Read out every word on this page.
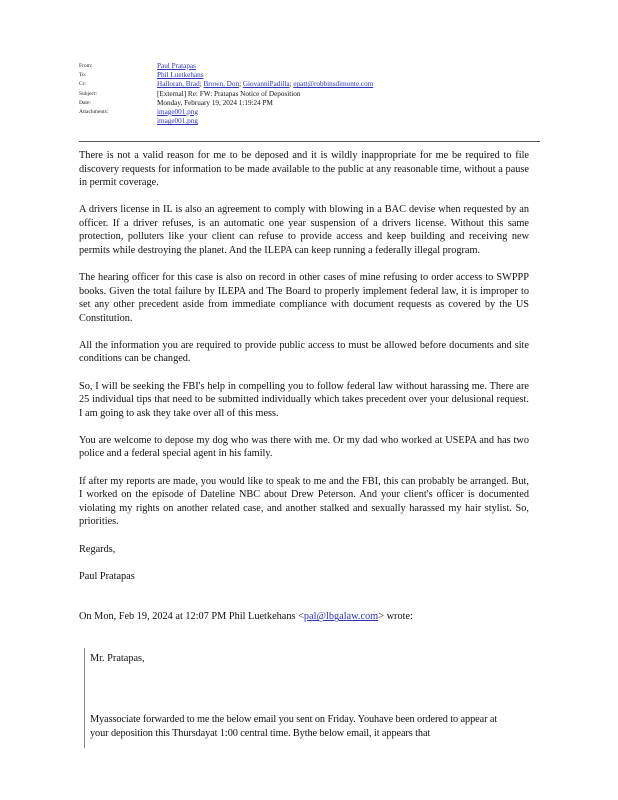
From:	Paul Pratapas
To:	Phil Luetkehans
Cc:	Halloran, Brad; Brown, Don; GiovanniPadilla; epatt@robbinsdimonte.com
Subject:	[External] Re: FW: Pratapas Notice of Deposition
Date:	Monday, February 19, 2024 1:19:24 PM
Attachments:	image001.png
image001.png

There is not a valid reason for me to be deposed and it is wildly inappropriate for me be required to file discovery requests for information to be made available to the public at any reasonable time, without a pause in permit coverage.

A drivers license in IL is also an agreement to comply with blowing in a BAC devise when requested by an officer. If a driver refuses, is an automatic one year suspension of a drivers license. Without this same protection, polluters like your client can refuse to provide access and keep building and receiving new permits while destroying the planet. And the ILEPA can keep running a federally illegal program.

The hearing officer for this case is also on record in other cases of mine refusing to order access to SWPPP books. Given the total failure by ILEPA and The Board to properly implement federal law, it is improper to set any other precedent aside from immediate compliance with document requests as covered by the US Constitution.

All the information you are required to provide public access to must be allowed before documents and site conditions can be changed.

So, I will be seeking the FBI's help in compelling you to follow federal law without harassing me. There are 25 individual tips that need to be submitted individually which takes precedent over your delusional request. I am going to ask they take over all of this mess.

You are welcome to depose my dog who was there with me. Or my dad who worked at USEPA and has two police and a federal special agent in his family.

If after my reports are made, you would like to speak to me and the FBI, this can probably be arranged. But, I worked on the episode of Dateline NBC about Drew Peterson. And your client's officer is documented violating my rights on another related case, and another stalked and sexually harassed my hair stylist. So, priorities.

Regards,

Paul Pratapas

On Mon, Feb 19, 2024 at 12:07 PM Phil Luetkehans <pal@lbgalaw.com> wrote:

Mr. Pratapas,
Myassociate forwarded to me the below email you sent on Friday. Youhave been ordered to appear at your deposition this Thursdayat 1:00 central time. Bythe below email, it appears that
